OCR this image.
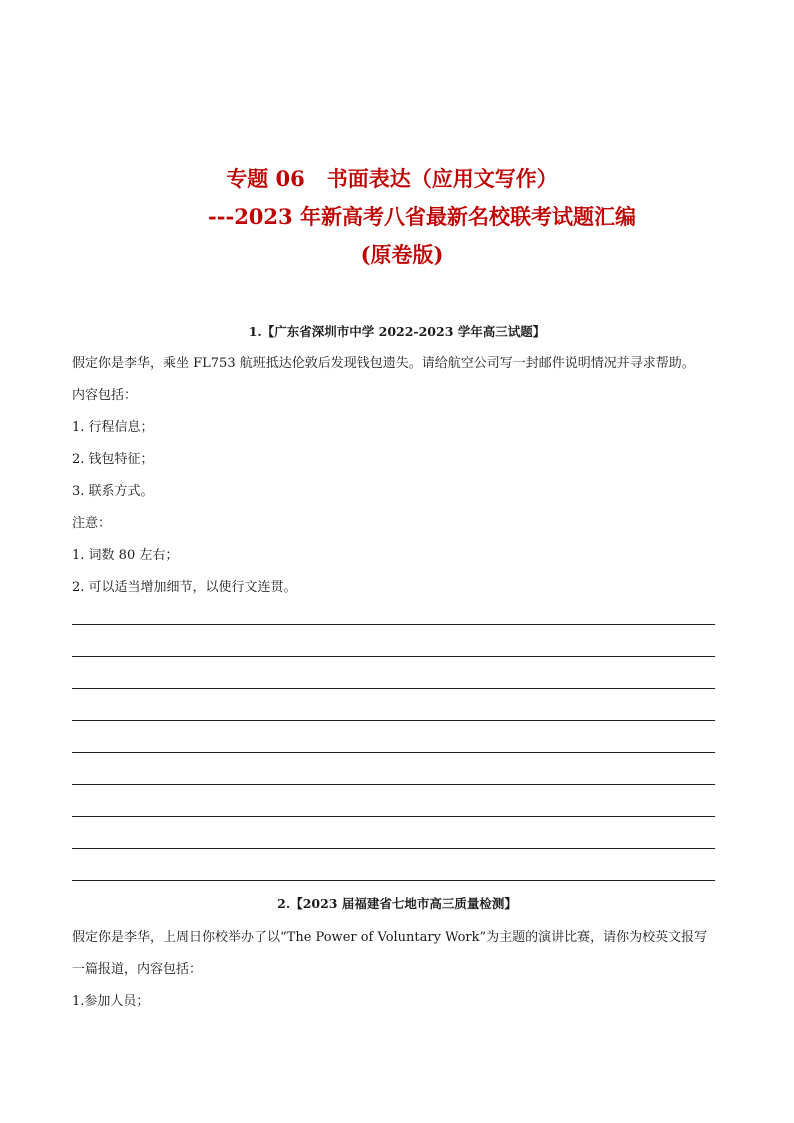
专题 06 书面表达（应用文写作）
---2023 年新高考八省最新名校联考试题汇编
(原卷版)
1.【广东省深圳市中学 2022-2023 学年高三试题】
假定你是李华，乘坐 FL753 航班抵达伦敦后发现钱包遗失。请给航空公司写一封邮件说明情况并寻求帮助。
内容包括：
1. 行程信息；
2. 钱包特征；
3. 联系方式。
注意：
1. 词数 80 左右；
2. 可以适当增加细节，以使行文连贯。
2.【2023 届福建省七地市高三质量检测】
假定你是李华，上周日你校举办了以“The Power of Voluntary Work”为主题的演讲比赛，请你为校英文报写
一篇报道，内容包括：
1.参加人员；
